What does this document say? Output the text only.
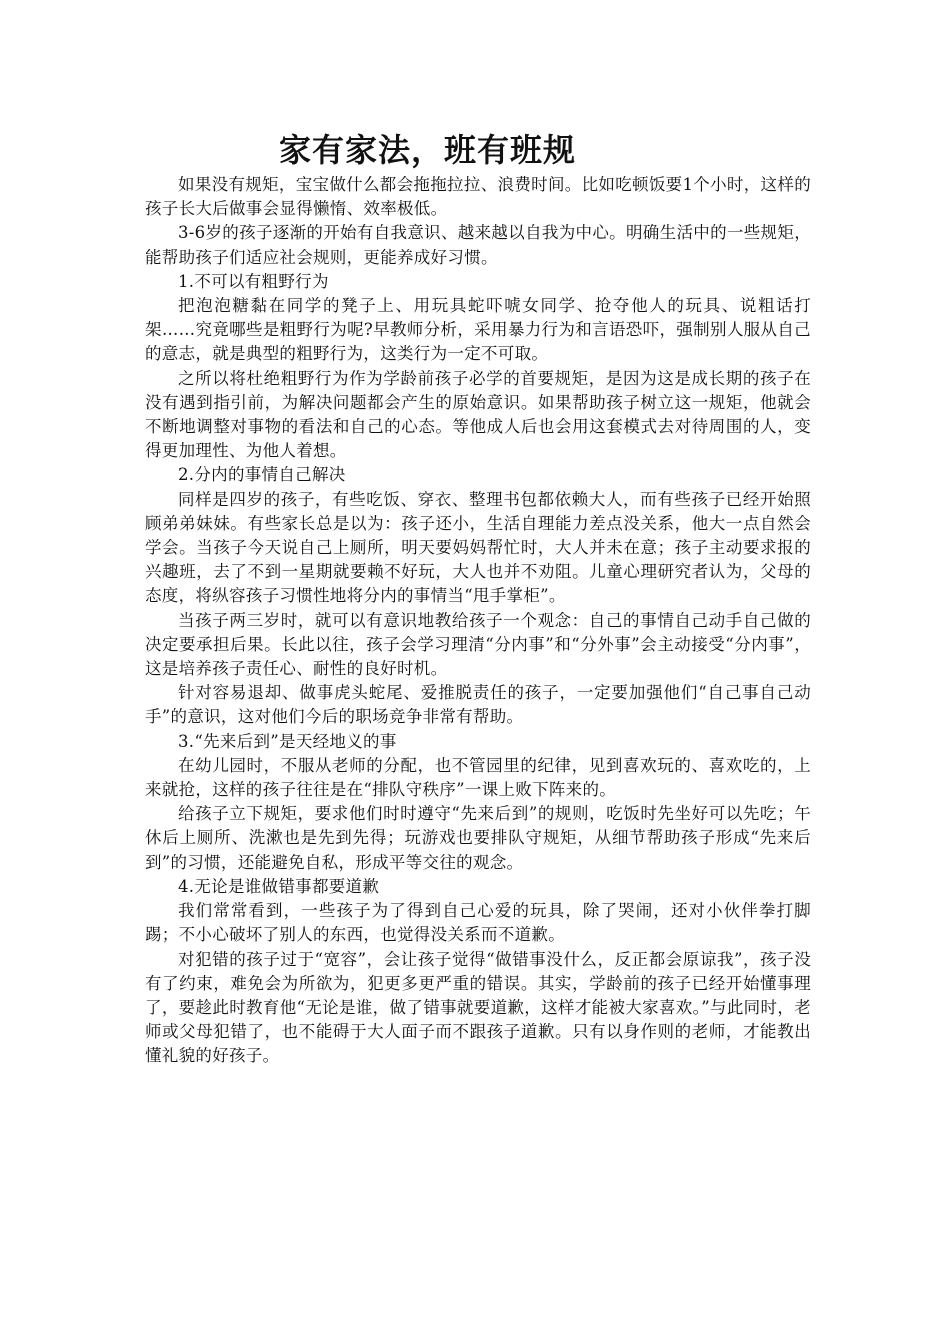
家有家法，班有班规

如果没有规矩，宝宝做什么都会拖拖拉拉、浪费时间。比如吃顿饭要1个小时，这样的孩子长大后做事会显得懒惰、效率极低。

3-6岁的孩子逐渐的开始有自我意识、越来越以自我为中心。明确生活中的一些规矩，能帮助孩子们适应社会规则，更能养成好习惯。

1.不可以有粗野行为

把泡泡糖黏在同学的凳子上、用玩具蛇吓唬女同学、抢夺他人的玩具、说粗话打架……究竟哪些是粗野行为呢?早教师分析，采用暴力行为和言语恐吓，强制别人服从自己的意志，就是典型的粗野行为，这类行为一定不可取。

之所以将杜绝粗野行为作为学龄前孩子必学的首要规矩，是因为这是成长期的孩子在没有遇到指引前，为解决问题都会产生的原始意识。如果帮助孩子树立这一规矩，他就会不断地调整对事物的看法和自己的心态。等他成人后也会用这套模式去对待周围的人，变得更加理性、为他人着想。

2.分内的事情自己解决

同样是四岁的孩子，有些吃饭、穿衣、整理书包都依赖大人，而有些孩子已经开始照顾弟弟妹妹。有些家长总是以为：孩子还小，生活自理能力差点没关系，他大一点自然会学会。当孩子今天说自己上厕所，明天要妈妈帮忙时，大人并未在意；孩子主动要求报的兴趣班，去了不到一星期就要赖不好玩，大人也并不劝阻。儿童心理研究者认为，父母的态度，将纵容孩子习惯性地将分内的事情当“甩手掌柜”。

当孩子两三岁时，就可以有意识地教给孩子一个观念：自己的事情自己动手自己做的决定要承担后果。长此以往，孩子会学习理清“分内事”和“分外事”会主动接受“分内事”，这是培养孩子责任心、耐性的良好时机。

针对容易退却、做事虎头蛇尾、爱推脱责任的孩子，一定要加强他们“自己事自己动手”的意识，这对他们今后的职场竞争非常有帮助。

3.“先来后到”是天经地义的事

在幼儿园时，不服从老师的分配，也不管园里的纪律，见到喜欢玩的、喜欢吃的，上来就抢，这样的孩子往往是在“排队守秩序”一课上败下阵来的。

给孩子立下规矩，要求他们时时遵守“先来后到”的规则，吃饭时先坐好可以先吃；午休后上厕所、洗漱也是先到先得；玩游戏也要排队守规矩，从细节帮助孩子形成“先来后到”的习惯，还能避免自私，形成平等交往的观念。

4.无论是谁做错事都要道歉

我们常常看到，一些孩子为了得到自己心爱的玩具，除了哭闹，还对小伙伴拳打脚踢；不小心破坏了别人的东西，也觉得没关系而不道歉。

对犯错的孩子过于“宽容”，会让孩子觉得“做错事没什么，反正都会原谅我”，孩子没有了约束，难免会为所欲为，犯更多更严重的错误。其实，学龄前的孩子已经开始懂事理了，要趁此时教育他“无论是谁，做了错事就要道歉，这样才能被大家喜欢。”与此同时，老师或父母犯错了，也不能碍于大人面子而不跟孩子道歉。只有以身作则的老师，才能教出懂礼貌的好孩子。
